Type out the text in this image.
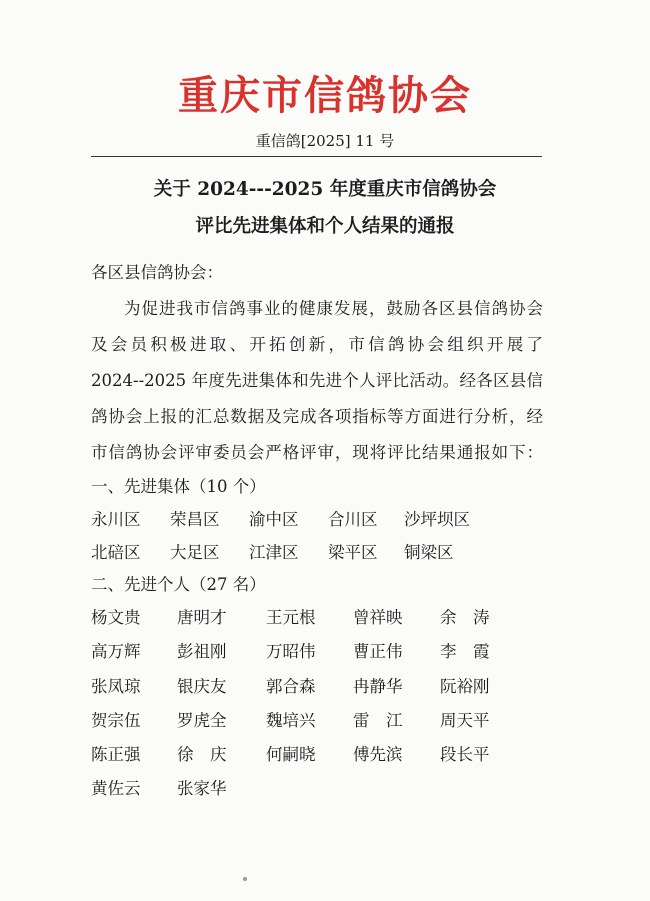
重庆市信鸽协会
重信鸽[2025] 11 号
关于 2024---2025 年度重庆市信鸽协会
评比先进集体和个人结果的通报
各区县信鸽协会：
为促进我市信鸽事业的健康发展，鼓励各区县信鸽协会
及会员积极进取、开拓创新，市信鸽协会组织开展了
2024--2025 年度先进集体和先进个人评比活动。经各区县信
鸽协会上报的汇总数据及完成各项指标等方面进行分析，经
市信鸽协会评审委员会严格评审，现将评比结果通报如下：
一、先进集体（10 个）
永川区 荣昌区 渝中区 合川区 沙坪坝区
北碚区 大足区 江津区 梁平区 铜梁区
二、先进个人（27 名）
杨文贵 唐明才 王元根 曾祥映 余　涛
高万辉 彭祖刚 万昭伟 曹正伟 李　霞
张凤琼 银庆友 郭合森 冉静华 阮裕刚
贺宗伍 罗虎全 魏培兴 雷　江 周天平
陈正强 徐　庆 何嗣晓 傅先滨 段长平
黄佐云 张家华
